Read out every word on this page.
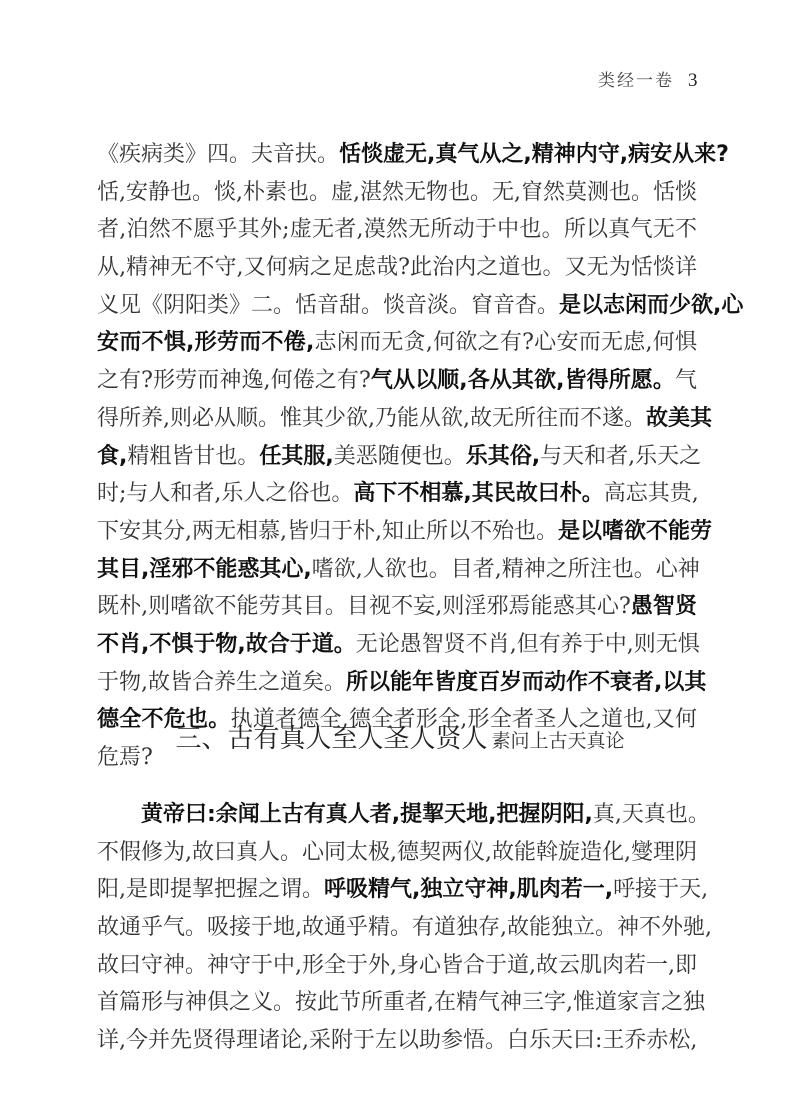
类经一卷 3
《疾病类》四。夫音扶。恬惔虚无,真气从之,精神内守,病安从来?
恬,安静也。惔,朴素也。虚,湛然无物也。无,窅然莫测也。恬惔
者,泊然不愿乎其外;虚无者,漠然无所动于中也。所以真气无不
从,精神无不守,又何病之足虑哉?此治内之道也。又无为恬惔详
义见《阴阳类》二。恬音甜。惔音淡。窅音杳。是以志闲而少欲,心
安而不惧,形劳而不倦,志闲而无贪,何欲之有?心安而无虑,何惧
之有?形劳而神逸,何倦之有?气从以顺,各从其欲,皆得所愿。气
得所养,则必从顺。惟其少欲,乃能从欲,故无所往而不遂。故美其
食,精粗皆甘也。任其服,美恶随便也。乐其俗,与天和者,乐天之
时;与人和者,乐人之俗也。高下不相慕,其民故曰朴。高忘其贵,
下安其分,两无相慕,皆归于朴,知止所以不殆也。是以嗜欲不能劳
其目,淫邪不能惑其心,嗜欲,人欲也。目者,精神之所注也。心神
既朴,则嗜欲不能劳其目。目视不妄,则淫邪焉能惑其心?愚智贤
不肖,不惧于物,故合于道。无论愚智贤不肖,但有养于中,则无惧
于物,故皆合养生之道矣。所以能年皆度百岁而动作不衰者,以其
德全不危也。执道者德全,德全者形全,形全者圣人之道也,又何
危焉?
三、古有真人至人圣人贤人 素问上古天真论
黄帝曰:余闻上古有真人者,提挈天地,把握阴阳,真,天真也。
不假修为,故曰真人。心同太极,德契两仪,故能斡旋造化,燮理阴
阳,是即提挈把握之谓。呼吸精气,独立守神,肌肉若一,呼接于天,
故通乎气。吸接于地,故通乎精。有道独存,故能独立。神不外驰,
故曰守神。神守于中,形全于外,身心皆合于道,故云肌肉若一,即
首篇形与神俱之义。按此节所重者,在精气神三字,惟道家言之独
详,今并先贤得理诸论,采附于左以助参悟。白乐天曰:王乔赤松,
